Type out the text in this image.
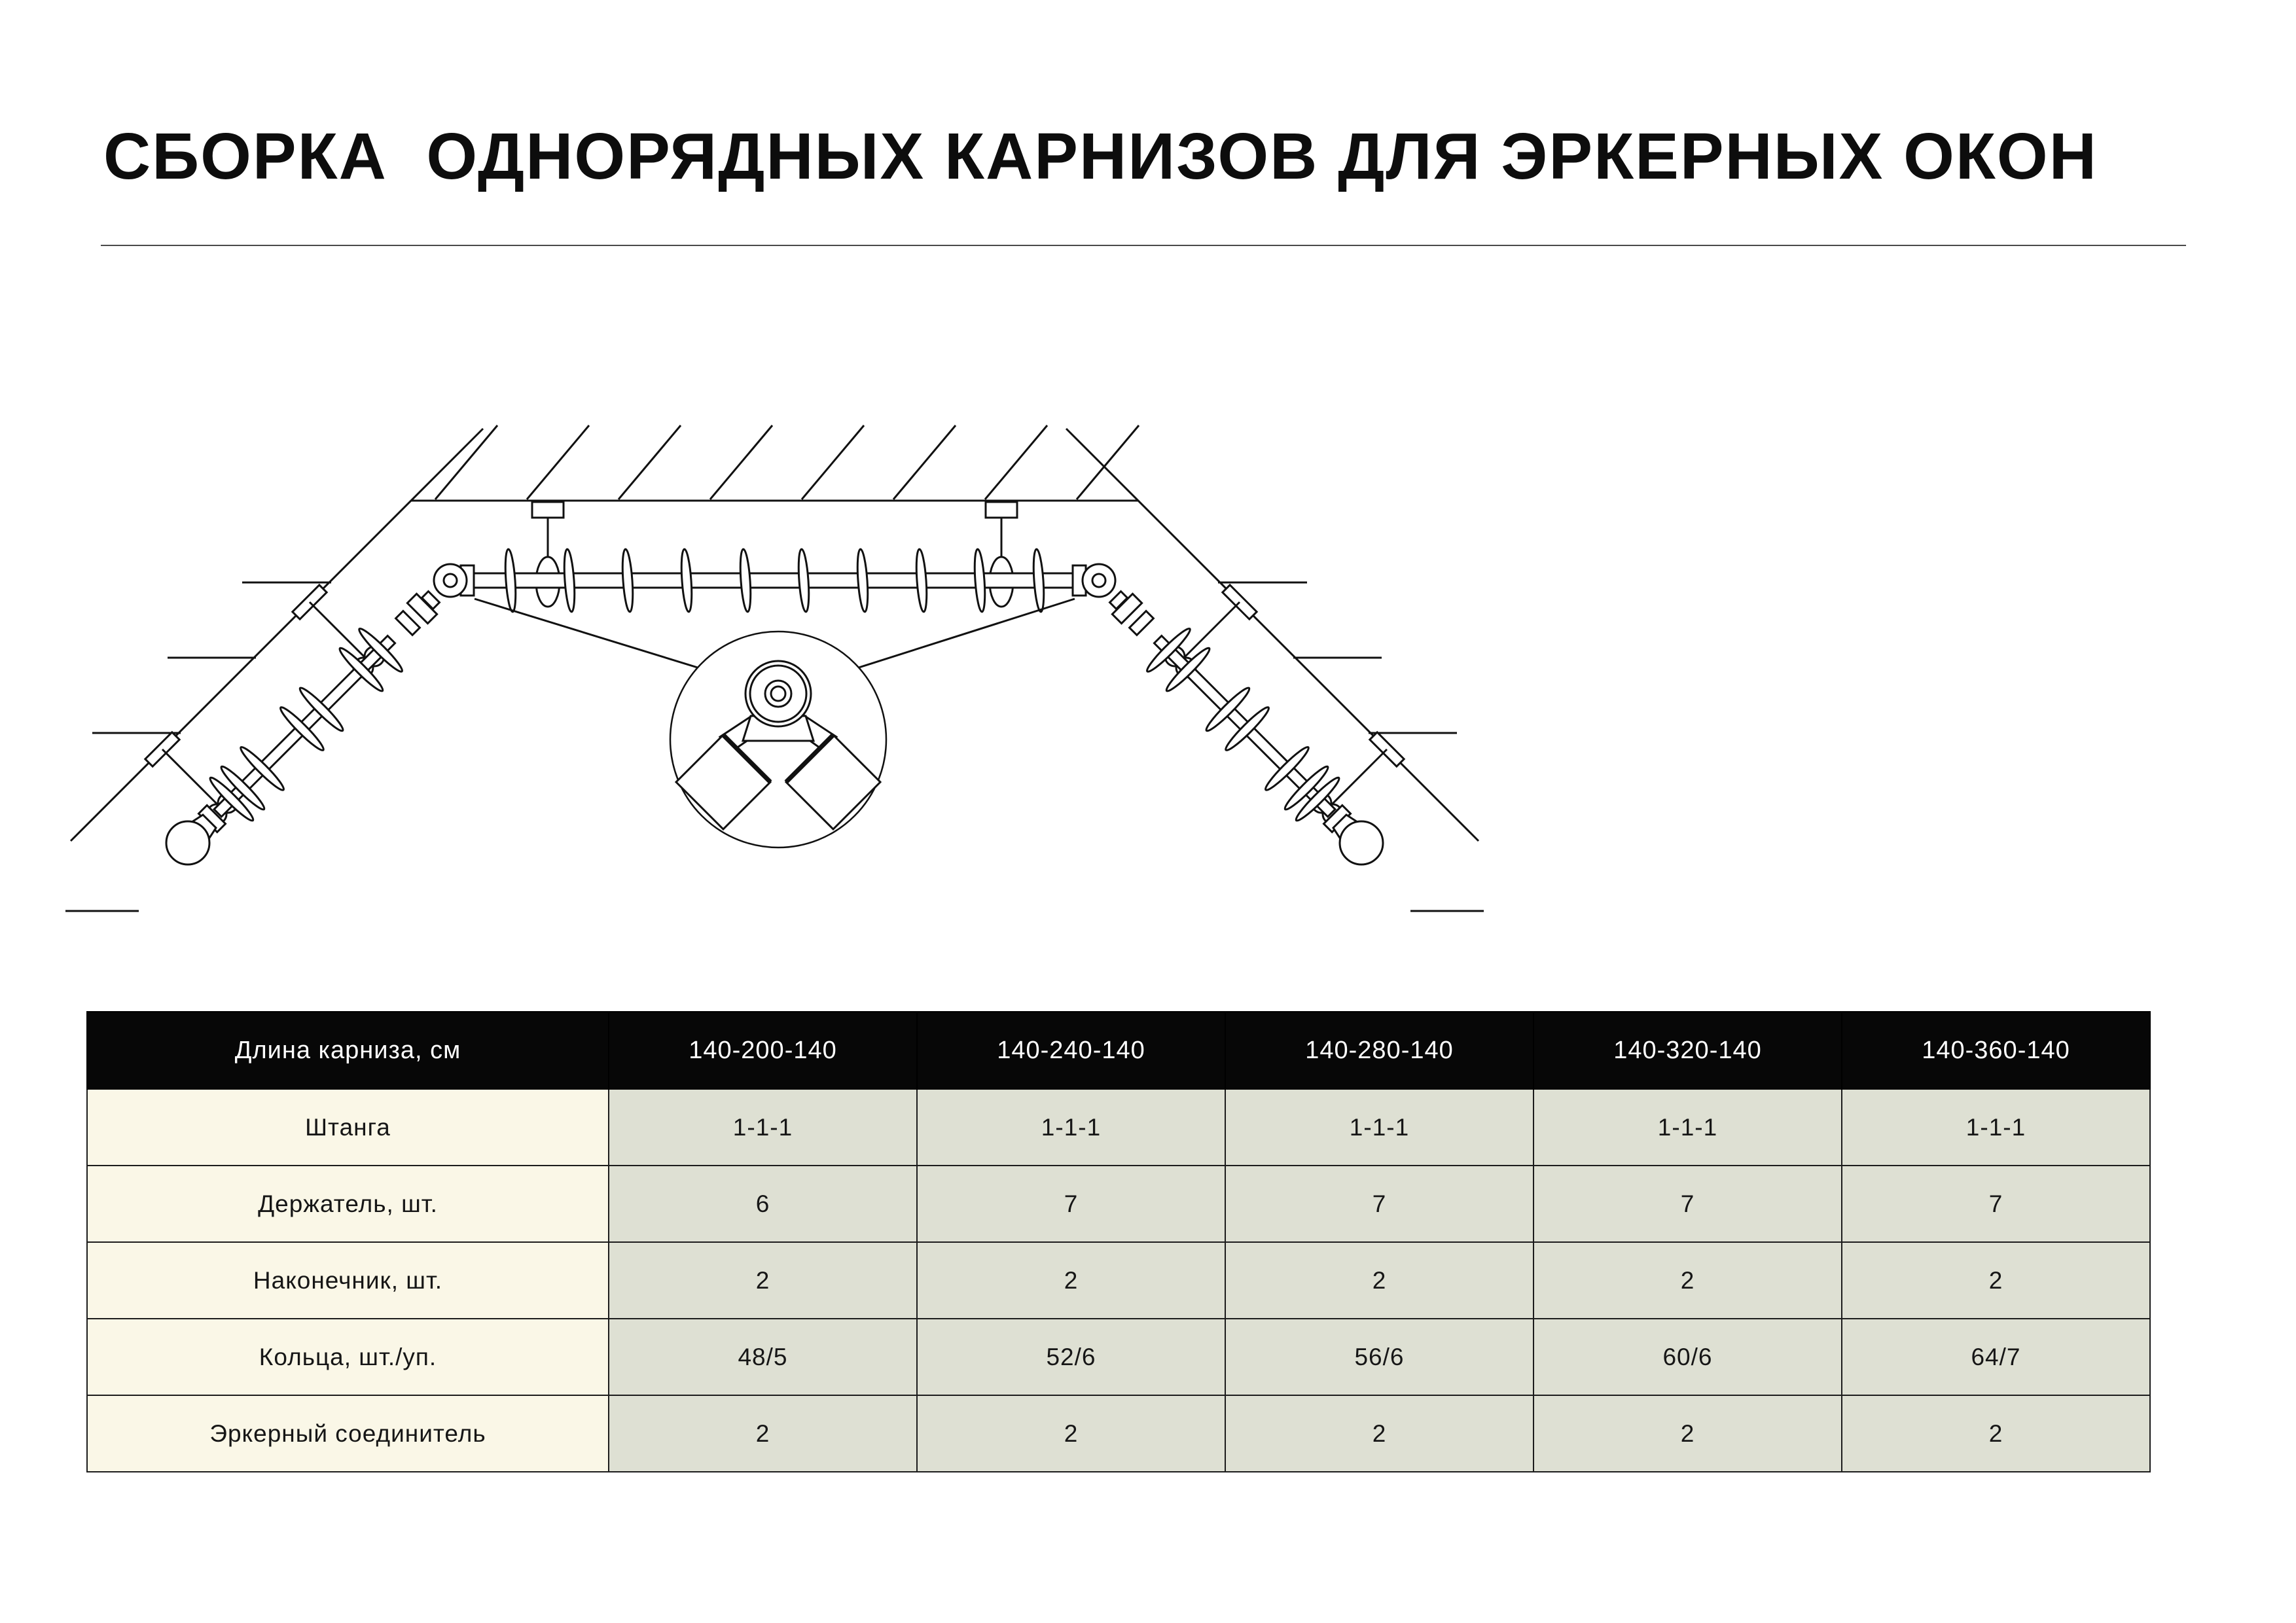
СБОРКА  ОДНОРЯДНЫХ КАРНИЗОВ ДЛЯ ЭРКЕРНЫХ ОКОН
Длина карниза, см	140-200-140	140-240-140	140-280-140	140-320-140	140-360-140
Штанга	1-1-1	1-1-1	1-1-1	1-1-1	1-1-1
Держатель, шт.	6	7	7	7	7
Наконечник, шт.	2	2	2	2	2
Кольца, шт./уп.	48/5	52/6	56/6	60/6	64/7
Эркерный соединитель	2	2	2	2	2
